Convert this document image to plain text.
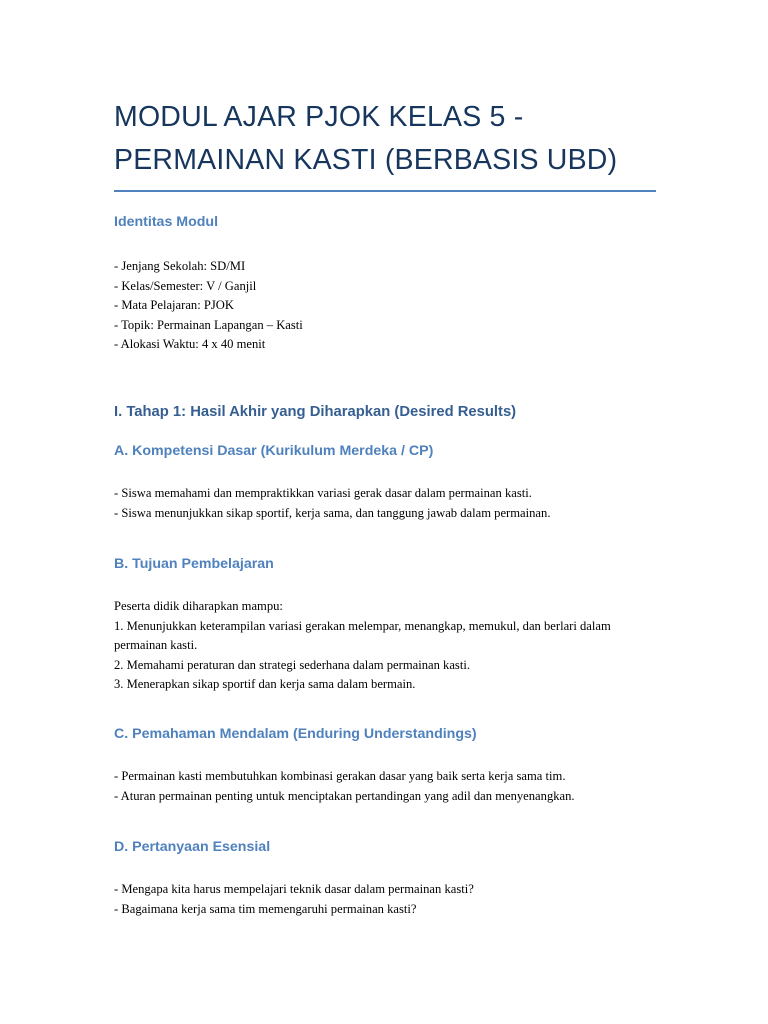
MODUL AJAR PJOK KELAS 5 -
PERMAINAN KASTI (BERBASIS UBD)
Identitas Modul
- Jenjang Sekolah: SD/MI
- Kelas/Semester: V / Ganjil
- Mata Pelajaran: PJOK
- Topik: Permainan Lapangan – Kasti
- Alokasi Waktu: 4 x 40 menit
I. Tahap 1: Hasil Akhir yang Diharapkan (Desired Results)
A. Kompetensi Dasar (Kurikulum Merdeka / CP)
- Siswa memahami dan mempraktikkan variasi gerak dasar dalam permainan kasti.
- Siswa menunjukkan sikap sportif, kerja sama, dan tanggung jawab dalam permainan.
B. Tujuan Pembelajaran
Peserta didik diharapkan mampu:
1. Menunjukkan keterampilan variasi gerakan melempar, menangkap, memukul, dan berlari dalam permainan kasti.
2. Memahami peraturan dan strategi sederhana dalam permainan kasti.
3. Menerapkan sikap sportif dan kerja sama dalam bermain.
C. Pemahaman Mendalam (Enduring Understandings)
- Permainan kasti membutuhkan kombinasi gerakan dasar yang baik serta kerja sama tim.
- Aturan permainan penting untuk menciptakan pertandingan yang adil dan menyenangkan.
D. Pertanyaan Esensial
- Mengapa kita harus mempelajari teknik dasar dalam permainan kasti?
- Bagaimana kerja sama tim memengaruhi permainan kasti?
